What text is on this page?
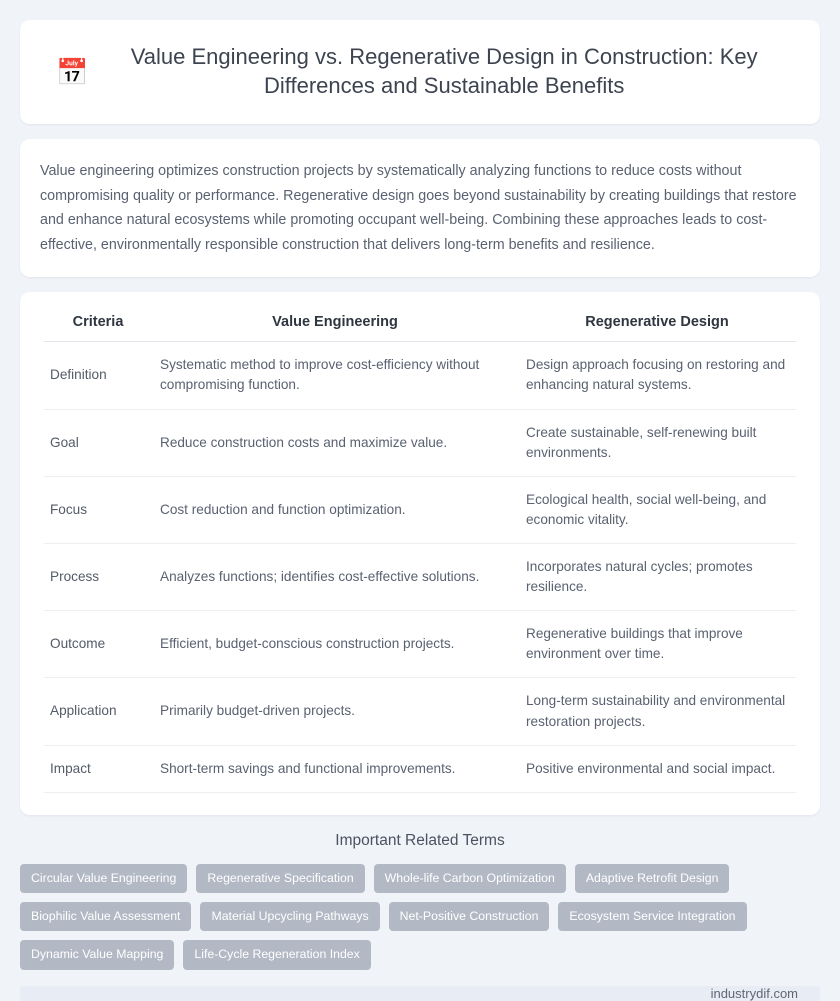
📅
Value Engineering vs. Regenerative Design in Construction: Key Differences and Sustainable Benefits
Value engineering optimizes construction projects by systematically analyzing functions to reduce costs without compromising quality or performance. Regenerative design goes beyond sustainability by creating buildings that restore and enhance natural ecosystems while promoting occupant well-being. Combining these approaches leads to cost-effective, environmentally responsible construction that delivers long-term benefits and resilience.
Criteria	Value Engineering	Regenerative Design
Definition	Systematic method to improve cost-efficiency without compromising function.	Design approach focusing on restoring and enhancing natural systems.
Goal	Reduce construction costs and maximize value.	Create sustainable, self-renewing built environments.
Focus	Cost reduction and function optimization.	Ecological health, social well-being, and economic vitality.
Process	Analyzes functions; identifies cost-effective solutions.	Incorporates natural cycles; promotes resilience.
Outcome	Efficient, budget-conscious construction projects.	Regenerative buildings that improve environment over time.
Application	Primarily budget-driven projects.	Long-term sustainability and environmental restoration projects.
Impact	Short-term savings and functional improvements.	Positive environmental and social impact.
Important Related Terms
Circular Value Engineering	Regenerative Specification	Whole-life Carbon Optimization	Adaptive Retrofit Design
Biophilic Value Assessment	Material Upcycling Pathways	Net-Positive Construction	Ecosystem Service Integration
Dynamic Value Mapping	Life-Cycle Regeneration Index
industrydif.com
